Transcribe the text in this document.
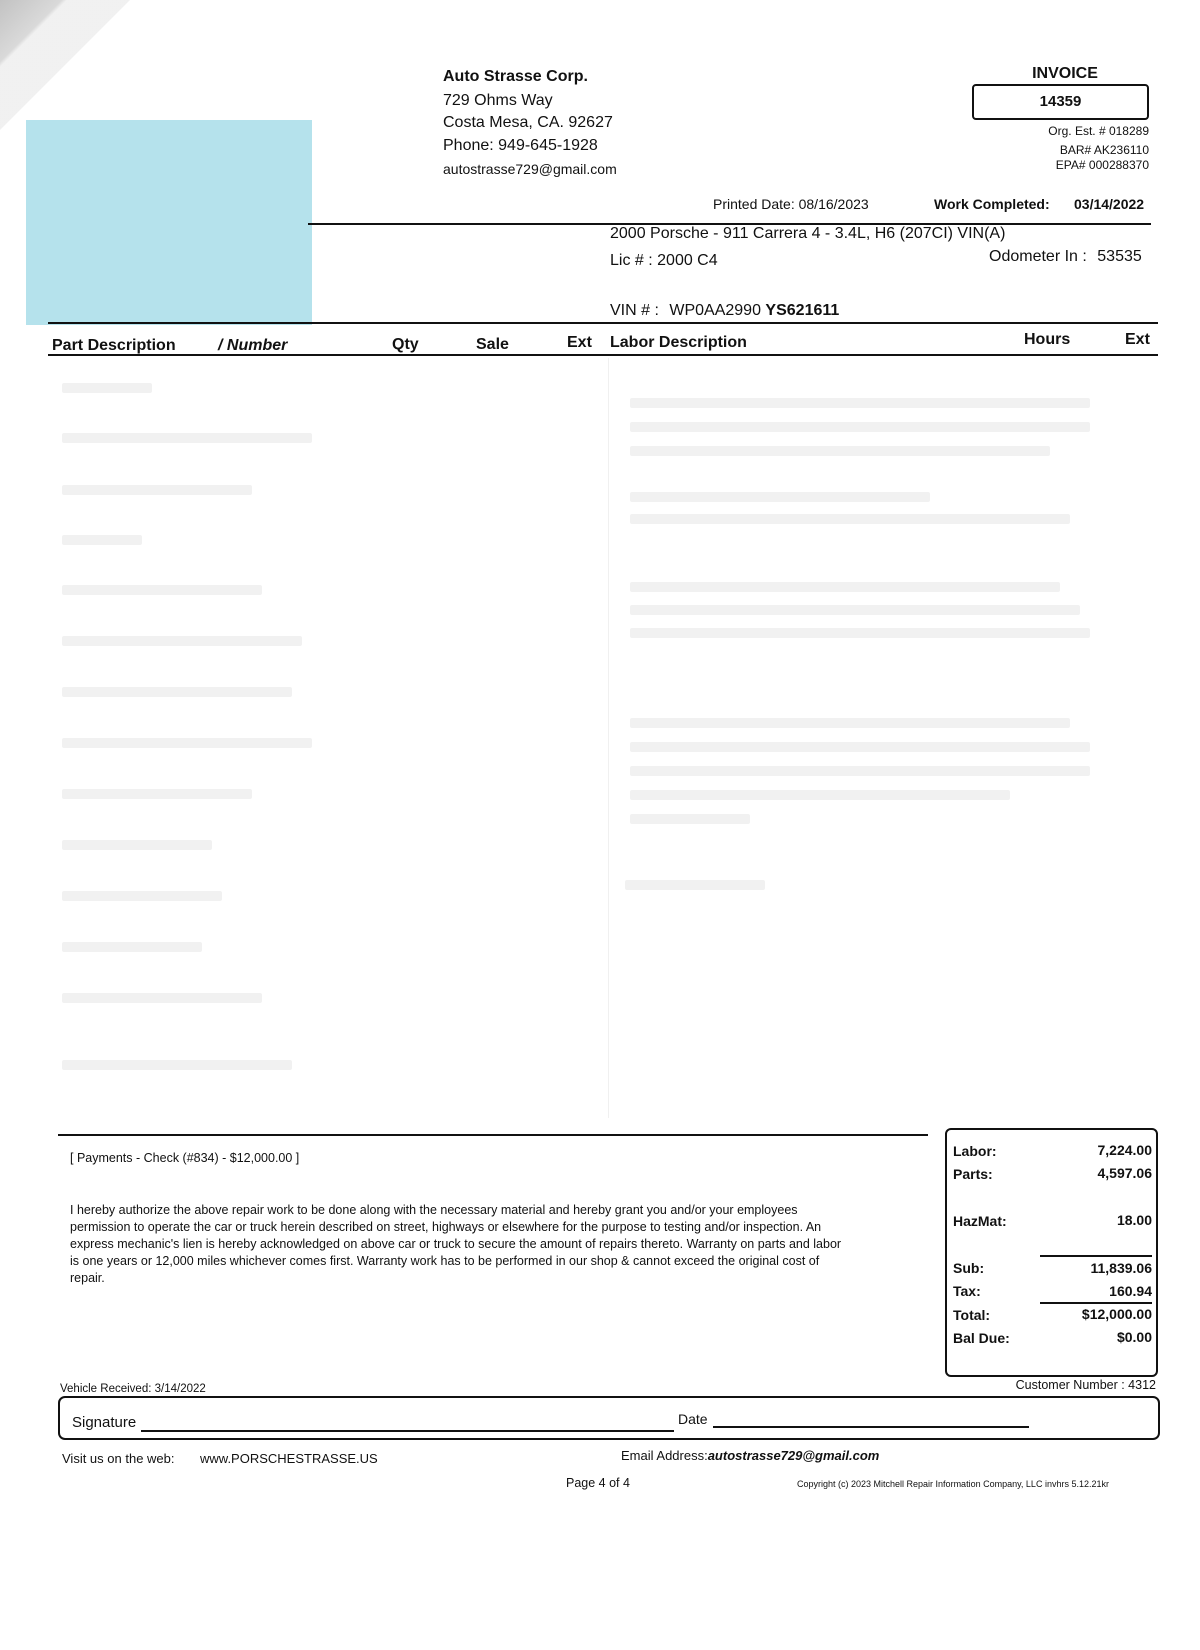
Auto Strasse Corp.
729 Ohms Way
Costa Mesa, CA. 92627
Phone: 949-645-1928
autostrasse729@gmail.com
INVOICE
14359
Org. Est. # 018289
BAR# AK236110
EPA# 000288370
Printed Date: 08/16/2023	Work Completed: 03/14/2022
2000 Porsche - 911 Carrera 4 - 3.4L, H6 (207CI) VIN(A)
Lic # : 2000 C4	Odometer In : 53535
VIN # : WP0AA2990 YS621611
Part Description	/ Number	Qty	Sale	Ext Labor Description	Hours	Ext
[ Payments - Check (#834) - $12,000.00 ]

I hereby authorize the above repair work to be done along with the necessary material and hereby grant you and/or your employees permission to operate the car or truck herein described on street, highways or elsewhere for the purpose to testing and/or inspection. An express mechanic's lien is hereby acknowledged on above car or truck to secure the amount of repairs thereto. Warranty on parts and labor is one years or 12,000 miles whichever comes first. Warranty work has to be performed in our shop & cannot exceed the original cost of repair.

Labor:	7,224.00
Parts:	4,597.06
HazMat:	18.00
Sub:	11,839.06
Tax:	160.94
Total:	$12,000.00
Bal Due:	$0.00
Vehicle Received: 3/14/2022	Customer Number : 4312
Signature	Date
Visit us on the web: www.PORSCHESTRASSE.US	Email Address:autostrasse729@gmail.com
Page 4 of 4	Copyright (c) 2023 Mitchell Repair Information Company, LLC invhrs 5.12.21kr
